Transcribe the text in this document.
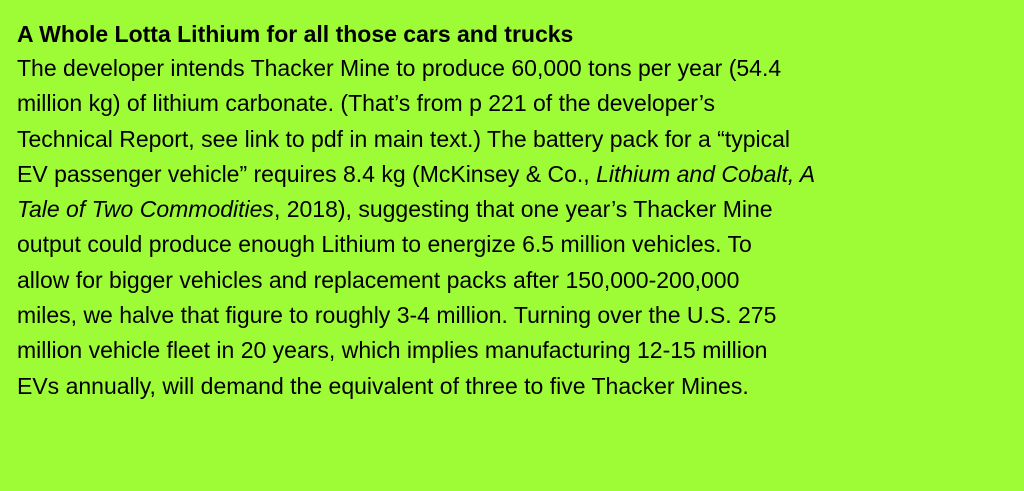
A Whole Lotta Lithium for all those cars and trucks
The developer intends Thacker Mine to produce 60,000 tons per year (54.4
million kg) of lithium carbonate. (That’s from p 221 of the developer’s
Technical Report, see link to pdf in main text.) The battery pack for a “typical
EV passenger vehicle” requires 8.4 kg (McKinsey & Co., Lithium and Cobalt, A
Tale of Two Commodities, 2018), suggesting that one year’s Thacker Mine
output could produce enough Lithium to energize 6.5 million vehicles. To
allow for bigger vehicles and replacement packs after 150,000-200,000
miles, we halve that figure to roughly 3-4 million. Turning over the U.S. 275
million vehicle fleet in 20 years, which implies manufacturing 12-15 million
EVs annually, will demand the equivalent of three to five Thacker Mines.
